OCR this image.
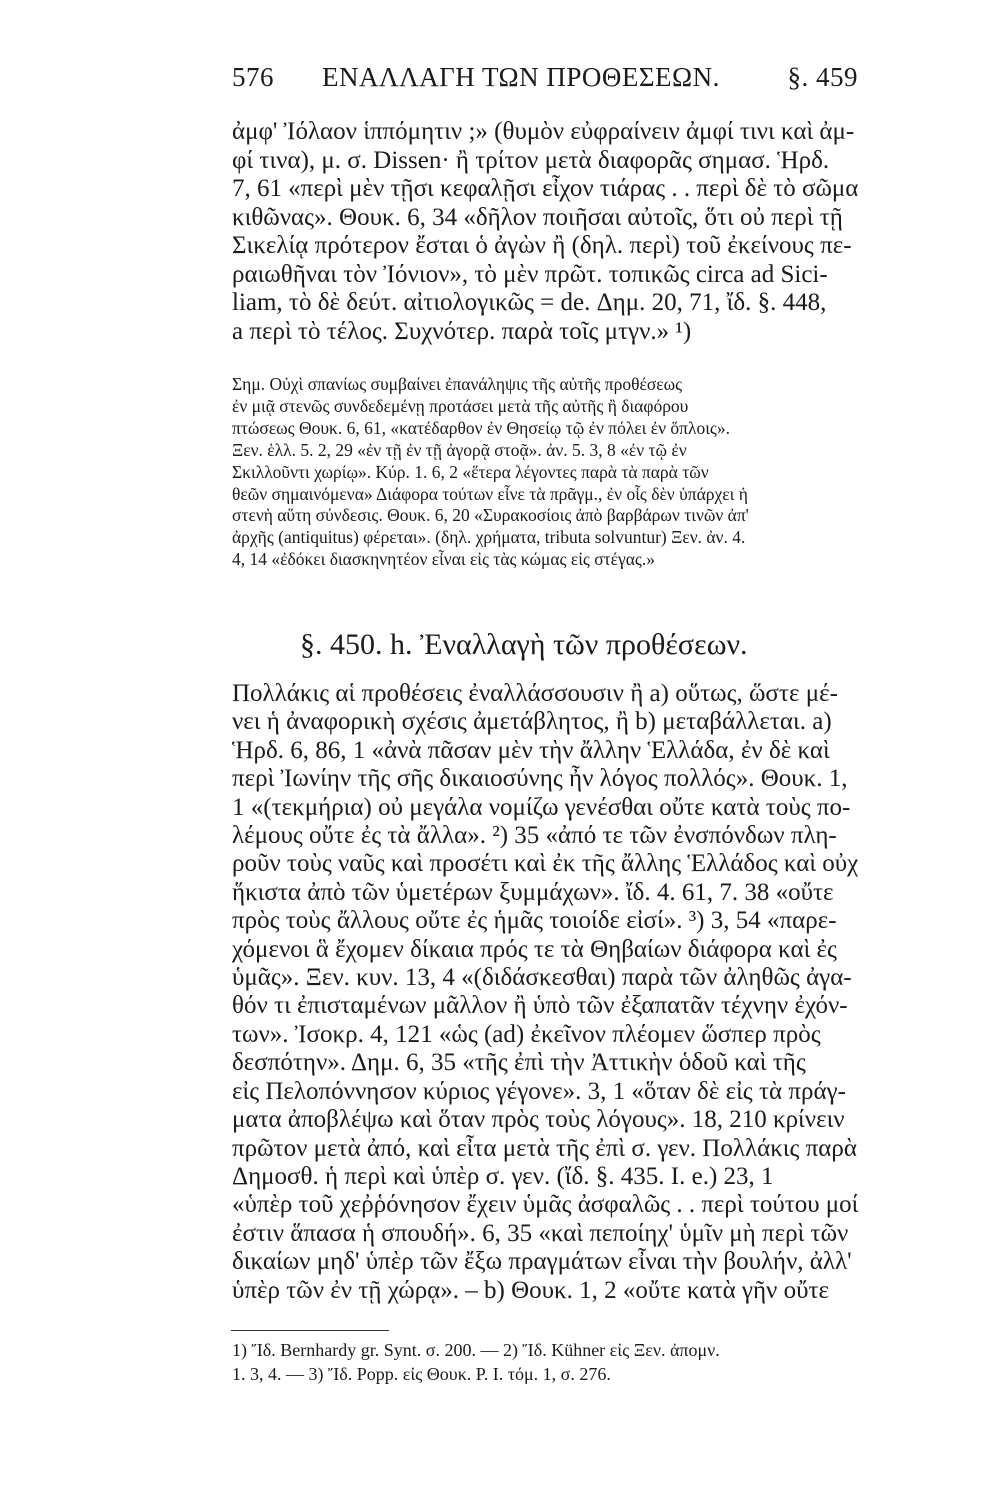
576 ΕΝΑΛΛΑΓΗ ΤΩΝ ΠΡΟΘΕΣΕΩΝ.	§. 459
ἀμφ' Ἰόλαον ἱππόμητιν ;» (θυμὸν εὐφραίνειν ἀμφί τινι καὶ ἀμ-
φί τινα), μ. σ. Dissen· ἢ τρίτον μετὰ διαφορᾶς σημασ. Ἡρδ.
7, 61 «περὶ μὲν τῇσι κεφαλῇσι εἶχον τιάρας . . περὶ δὲ τὸ σῶμα
κιθῶνας». Θουκ. 6, 34 «δῆλον ποιῆσαι αὐτοῖς, ὅτι οὐ περὶ τῇ
Σικελίᾳ πρότερον ἔσται ὁ ἀγὼν ἢ (δηλ. περὶ) τοῦ ἐκείνους πε-
ραιωθῆναι τὸν Ἰόνιον», τὸ μὲν πρῶτ. τοπικῶς circa ad Sici-
liam, τὸ δὲ δεύτ. αἰτιολογικῶς = de. Δημ. 20, 71, ἴδ. §. 448,
a περὶ τὸ τέλος. Συχνότερ. παρὰ τοῖς μτγν.» ¹)
Σημ. Οὐχὶ σπανίως συμβαίνει ἐπανάληψις τῆς αὐτῆς προθέσεως
ἐν μιᾷ στενῶς συνδεδεμένῃ προτάσει μετὰ τῆς αὐτῆς ἢ διαφόρου
πτώσεως Θουκ. 6, 61, «κατέδαρθον ἐν Θησείῳ τῷ ἐν πόλει ἐν ὅπλοις».
Ξεν. ἑλλ. 5. 2, 29 «ἐν τῇ ἐν τῇ ἀγορᾷ στοᾷ». ἀν. 5. 3, 8 «ἐν τῷ ἐν
Σκιλλοῦντι χωρίῳ». Κύρ. 1. 6, 2 «ἕτερα λέγοντες παρὰ τὰ παρὰ τῶν
θεῶν σημαινόμενα» Διάφορα τούτων εἶνε τὰ πρᾶγμ., ἐν οἷς δὲν ὑπάρχει ἡ
στενὴ αὕτη σύνδεσις. Θουκ. 6, 20 «Συρακοσίοις ἀπὸ βαρβάρων τινῶν ἀπ'
ἀρχῆς (antiquitus) φέρεται». (δηλ. χρήματα, tributa solvuntur) Ξεν. ἀν. 4.
4, 14 «ἐδόκει διασκηνητέον εἶναι εἰς τὰς κώμας εἰς στέγας.»
§. 450. h. Ἐναλλαγὴ τῶν προθέσεων.
Πολλάκις αἱ προθέσεις ἐναλλάσσουσιν ἢ a) οὕτως, ὥστε μέ-
νει ἡ ἀναφορικὴ σχέσις ἀμετάβλητος, ἢ b) μεταβάλλεται. a)
Ἡρδ. 6, 86, 1 «ἀνὰ πᾶσαν μὲν τὴν ἄλλην Ἑλλάδα, ἐν δὲ καὶ
περὶ Ἰωνίην τῆς σῆς δικαιοσύνης ἦν λόγος πολλός». Θουκ. 1,
1 «(τεκμήρια) οὐ μεγάλα νομίζω γενέσθαι οὔτε κατὰ τοὺς πο-
λέμους οὔτε ἐς τὰ ἄλλα». ²) 35 «ἀπό τε τῶν ἐνσπόνδων πλη-
ροῦν τοὺς ναῦς καὶ προσέτι καὶ ἐκ τῆς ἄλλης Ἑλλάδος καὶ οὐχ
ἥκιστα ἀπὸ τῶν ὑμετέρων ξυμμάχων». ἴδ. 4. 61, 7. 38 «οὔτε
πρὸς τοὺς ἄλλους οὔτε ἐς ἡμᾶς τοιοίδε εἰσί». ³) 3, 54 «παρε-
χόμενοι ἃ ἔχομεν δίκαια πρός τε τὰ Θηβαίων διάφορα καὶ ἐς
ὑμᾶς». Ξεν. κυν. 13, 4 «(διδάσκεσθαι) παρὰ τῶν ἀληθῶς ἀγα-
θόν τι ἐπισταμένων μᾶλλον ἢ ὑπὸ τῶν ἐξαπατᾶν τέχνην ἐχόν-
των». Ἰσοκρ. 4, 121 «ὡς (ad) ἐκεῖνον πλέομεν ὥσπερ πρὸς
δεσπότην». Δημ. 6, 35 «τῆς ἐπὶ τὴν Ἀττικὴν ὁδοῦ καὶ τῆς
εἰς Πελοπόννησον κύριος γέγονε». 3, 1 «ὅταν δὲ εἰς τὰ πράγ-
ματα ἀποβλέψω καὶ ὅταν πρὸς τοὺς λόγους». 18, 210 κρίνειν
πρῶτον μετὰ ἀπό, καὶ εἶτα μετὰ τῆς ἐπὶ σ. γεν. Πολλάκις παρὰ
Δημοσθ. ἡ περὶ καὶ ὑπὲρ σ. γεν. (ἴδ. §. 435. I. e.) 23, 1
«ὑπὲρ τοῦ χεῤῥόνησον ἔχειν ὑμᾶς ἀσφαλῶς . . περὶ τούτου μοί
ἐστιν ἅπασα ἡ σπουδή». 6, 35 «καὶ πεποίηχ' ὑμῖν μὴ περὶ τῶν
δικαίων μηδ' ὑπὲρ τῶν ἔξω πραγμάτων εἶναι τὴν βουλήν, ἀλλ'
ὑπὲρ τῶν ἐν τῇ χώρᾳ». – b) Θουκ. 1, 2 «οὔτε κατὰ γῆν οὔτε
1) Ἴδ. Bernhardy gr. Synt. σ. 200. — 2) Ἴδ. Kühner εἰς Ξεν. ἀπομν.
1. 3, 4. — 3) Ἴδ. Popp. εἰς Θουκ. P. I. τόμ. 1, σ. 276.
